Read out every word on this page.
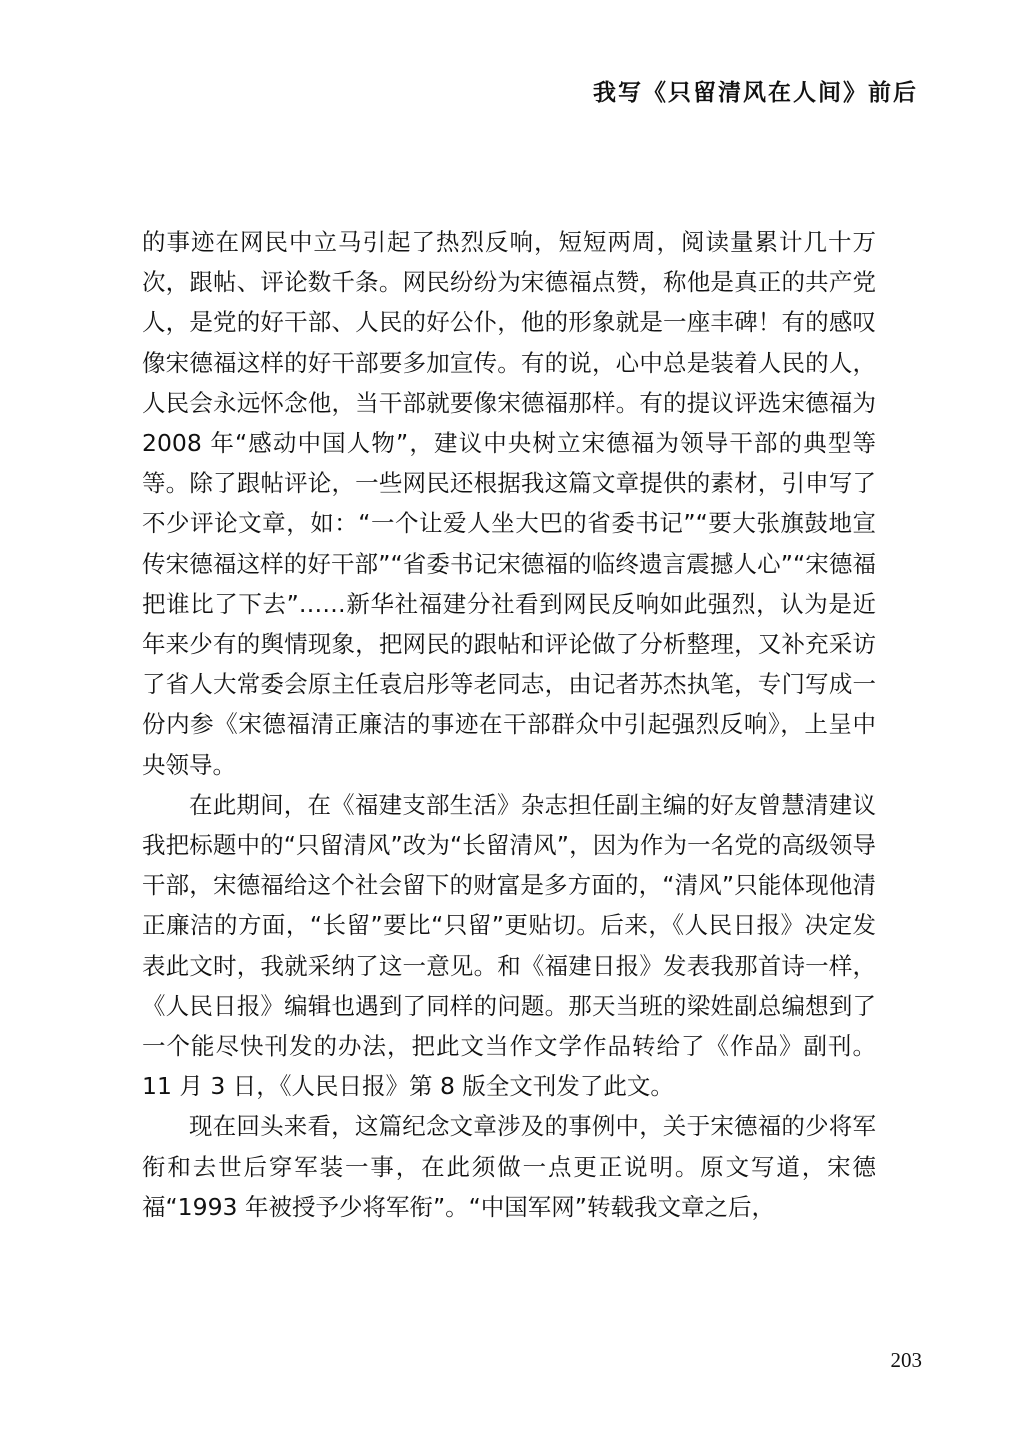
我写《只留清风在人间》前后

的事迹在网民中立马引起了热烈反响，短短两周，阅读量累计几十万次，跟帖、评论数千条。网民纷纷为宋德福点赞，称他是真正的共产党人，是党的好干部、人民的好公仆，他的形象就是一座丰碑！有的感叹像宋德福这样的好干部要多加宣传。有的说，心中总是装着人民的人，人民会永远怀念他，当干部就要像宋德福那样。有的提议评选宋德福为 2008 年“感动中国人物”，建议中央树立宋德福为领导干部的典型等等。除了跟帖评论，一些网民还根据我这篇文章提供的素材，引申写了不少评论文章，如：“一个让爱人坐大巴的省委书记”“要大张旗鼓地宣传宋德福这样的好干部”“省委书记宋德福的临终遗言震撼人心”“宋德福把谁比了下去”……新华社福建分社看到网民反响如此强烈，认为是近年来少有的舆情现象，把网民的跟帖和评论做了分析整理，又补充采访了省人大常委会原主任袁启彤等老同志，由记者苏杰执笔，专门写成一份内参《宋德福清正廉洁的事迹在干部群众中引起强烈反响》，上呈中央领导。

在此期间，在《福建支部生活》杂志担任副主编的好友曾慧清建议我把标题中的“只留清风”改为“长留清风”，因为作为一名党的高级领导干部，宋德福给这个社会留下的财富是多方面的，“清风”只能体现他清正廉洁的方面，“长留”要比“只留”更贴切。后来，《人民日报》决定发表此文时，我就采纳了这一意见。和《福建日报》发表我那首诗一样，《人民日报》编辑也遇到了同样的问题。那天当班的梁姓副总编想到了一个能尽快刊发的办法，把此文当作文学作品转给了《作品》副刊。11 月 3 日，《人民日报》第 8 版全文刊发了此文。

现在回头来看，这篇纪念文章涉及的事例中，关于宋德福的少将军衔和去世后穿军装一事，在此须做一点更正说明。原文写道，宋德福“1993 年被授予少将军衔”。“中国军网”转载我文章之后，

203
